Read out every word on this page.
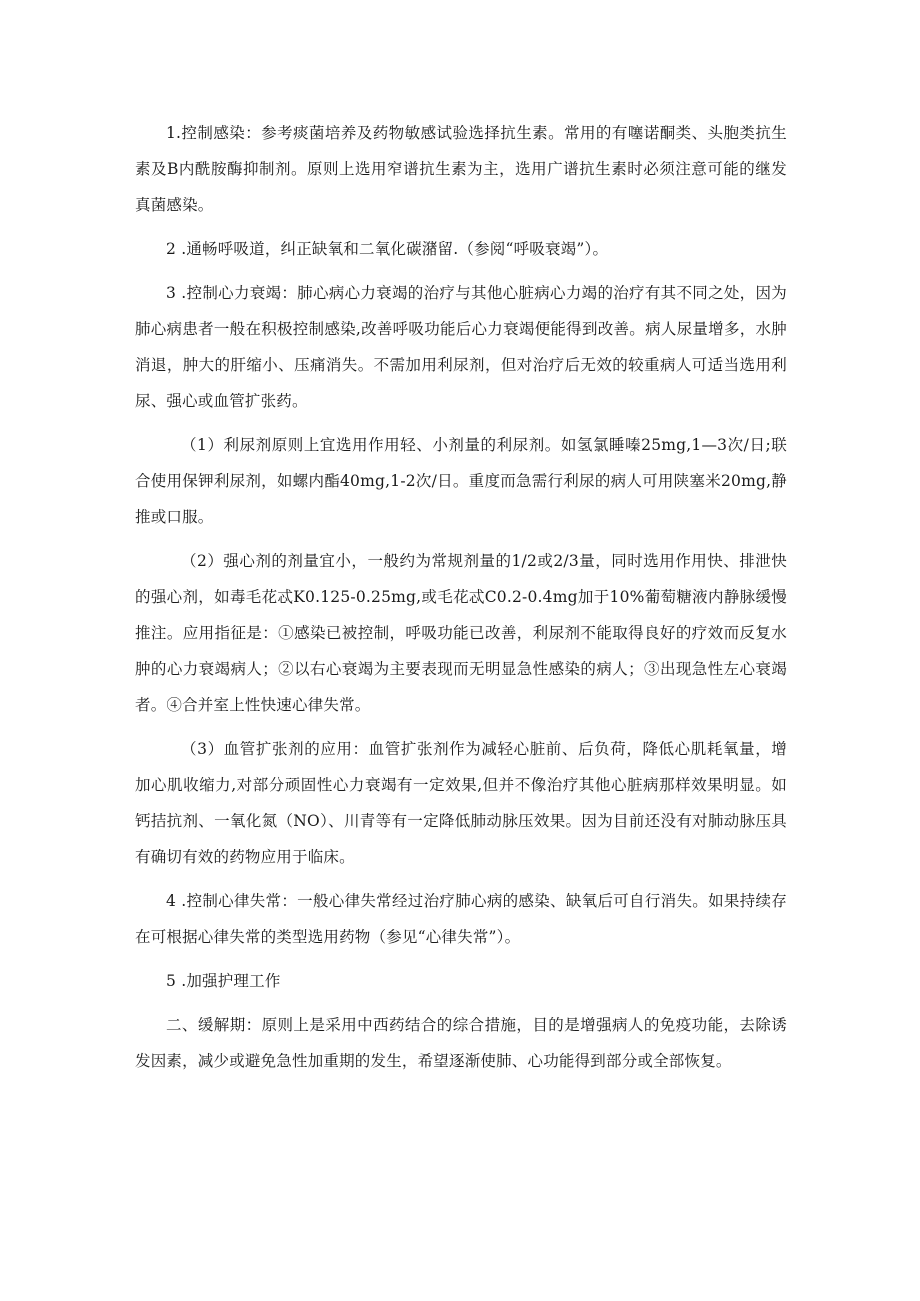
1.控制感染：参考痰菌培养及药物敏感试验选择抗生素。常用的有噻诺酮类、头胞类抗生素及B内酰胺酶抑制剂。原则上选用窄谱抗生素为主，选用广谱抗生素时必须注意可能的继发真菌感染。

2 .通畅呼吸道，纠正缺氧和二氧化碳潴留.（参阅“呼吸衰竭”）。

3 .控制心力衰竭：肺心病心力衰竭的治疗与其他心脏病心力竭的治疗有其不同之处，因为肺心病患者一般在积极控制感染,改善呼吸功能后心力衰竭便能得到改善。病人尿量增多，水肿消退，肿大的肝缩小、压痛消失。不需加用利尿剂，但对治疗后无效的较重病人可适当选用利尿、强心或血管扩张药。

（1）利尿剂原则上宜选用作用轻、小剂量的利尿剂。如氢氯睡嗪25mg,1—3次/日;联合使用保钾利尿剂，如螺内酯40mg,1-2次/日。重度而急需行利尿的病人可用陕塞米20mg,静推或口服。

（2）强心剂的剂量宜小，一般约为常规剂量的1/2或2/3量，同时选用作用快、排泄快的强心剂，如毒毛花忒K0.125-0.25mg,或毛花忒C0.2-0.4mg加于10%葡萄糖液内静脉缓慢推注。应用指征是：①感染已被控制，呼吸功能已改善，利尿剂不能取得良好的疗效而反复水肿的心力衰竭病人；②以右心衰竭为主要表现而无明显急性感染的病人；③出现急性左心衰竭者。④合并室上性快速心律失常。

（3）血管扩张剂的应用：血管扩张剂作为减轻心脏前、后负荷，降低心肌耗氧量，增加心肌收缩力,对部分顽固性心力衰竭有一定效果,但并不像治疗其他心脏病那样效果明显。如钙拮抗剂、一氧化氮（NO）、川青等有一定降低肺动脉压效果。因为目前还没有对肺动脉压具有确切有效的药物应用于临床。

4 .控制心律失常：一般心律失常经过治疗肺心病的感染、缺氧后可自行消失。如果持续存在可根据心律失常的类型选用药物（参见“心律失常”）。

5 .加强护理工作

二、缓解期：原则上是采用中西药结合的综合措施，目的是增强病人的免疫功能，去除诱发因素，减少或避免急性加重期的发生，希望逐渐使肺、心功能得到部分或全部恢复。
